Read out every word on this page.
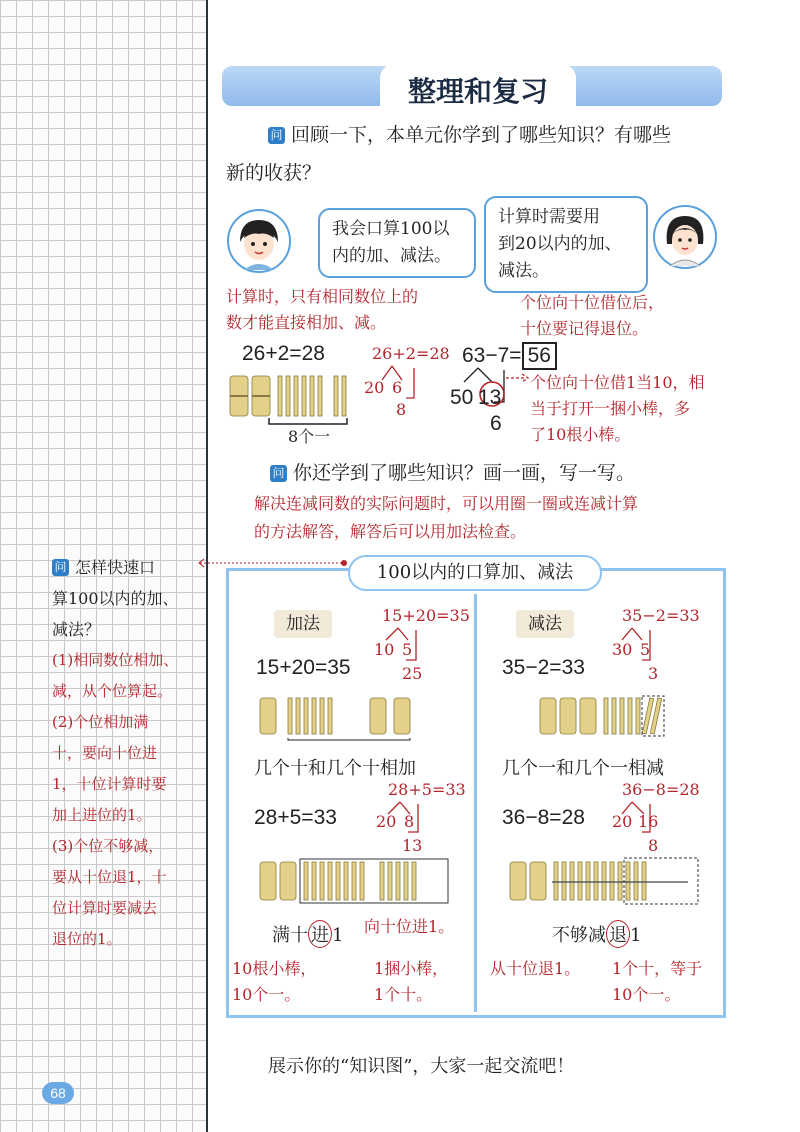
整理和复习
问 回顾一下，本单元你学到了哪些知识？有哪些
新的收获？
我会口算100以
内的加、减法。
计算时需要用
到20以内的加、
减法。
计算时，只有相同数位上的
数才能直接相加、减。
个位向十位借位后，
十位要记得退位。
26+2=28
8个一
26+2=28
20 6
8
63−7= 56
50 13
6
个位向十位借1当10，相
当于打开一捆小棒，多
了10根小棒。
问 你还学到了哪些知识？画一画，写一写。
解决连减同数的实际问题时，可以用圈一圈或连减计算
的方法解答，解答后可以用加法检查。
问 怎样快速口
算100以内的加、
减法？
(1)相同数位相加、
减，从个位算起。
(2)个位相加满
十，要向十位进
1，十位计算时要
加上进位的1。
(3)个位不够减，
要从十位退1，十
位计算时要减去
退位的1。
100以内的口算加、减法
加法	15+20=35
10 5
25
15+20=35
几个十和几个十相加
28+5=33
20 8
13
28+5=33
满十 进 1 向十位进1。
10根小棒，
10个一。
1捆小棒，
1个十。
减法	35−2=33
30 5
3
35−2=33
几个一和几个一相减
36−8=28
20 16
8
36−8=28
不够减 退 1
从十位退1。 1个十，等于
10个一。
展示你的“知识图”，大家一起交流吧！
68
